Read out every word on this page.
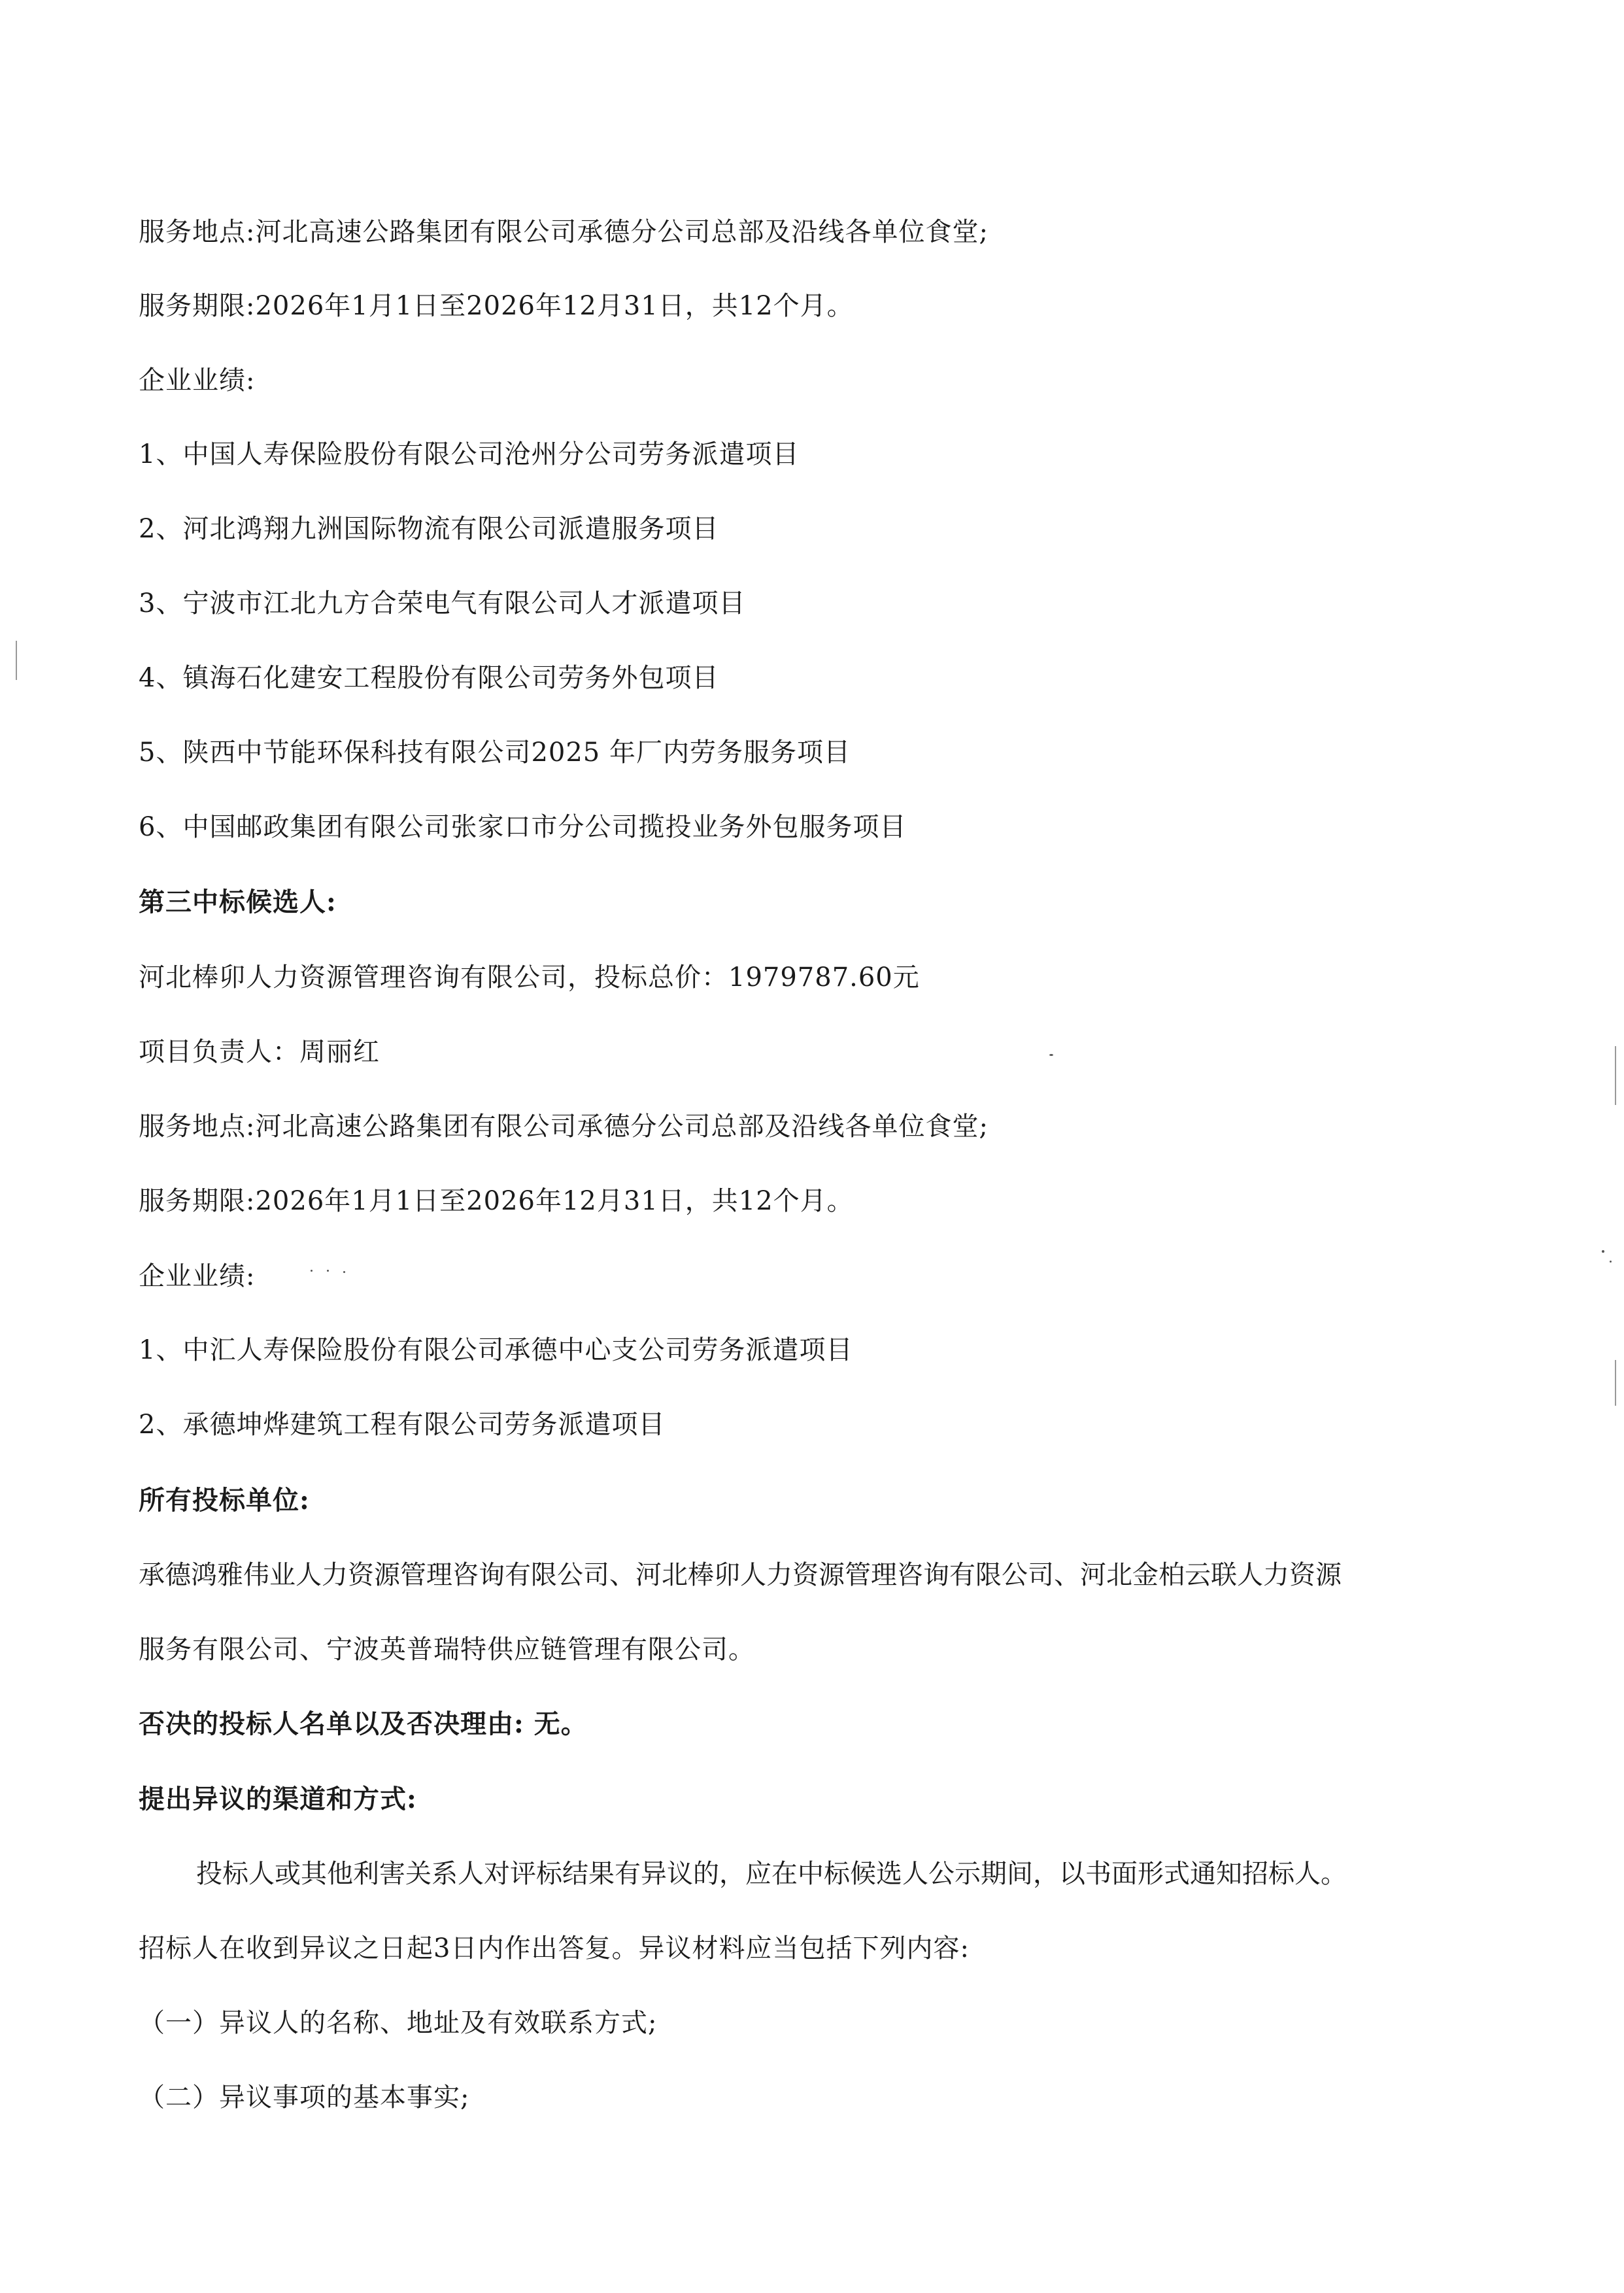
服务地点:河北高速公路集团有限公司承德分公司总部及沿线各单位食堂;
服务期限:2026年1月1日至2026年12月31日，共12个月。
企业业绩:
1、中国人寿保险股份有限公司沧州分公司劳务派遣项目
2、河北鸿翔九洲国际物流有限公司派遣服务项目
3、宁波市江北九方合荣电气有限公司人才派遣项目
4、镇海石化建安工程股份有限公司劳务外包项目
5、陕西中节能环保科技有限公司2025 年厂内劳务服务项目
6、中国邮政集团有限公司张家口市分公司揽投业务外包服务项目
第三中标候选人:
河北棒卯人力资源管理咨询有限公司，投标总价：1979787.60元
项目负责人：周丽红
服务地点:河北高速公路集团有限公司承德分公司总部及沿线各单位食堂;
服务期限:2026年1月1日至2026年12月31日，共12个月。
企业业绩:
1、中汇人寿保险股份有限公司承德中心支公司劳务派遣项目
2、承德坤烨建筑工程有限公司劳务派遣项目
所有投标单位:
承德鸿雅伟业人力资源管理咨询有限公司、河北棒卯人力资源管理咨询有限公司、河北金柏云联人力资源
服务有限公司、宁波英普瑞特供应链管理有限公司。
否决的投标人名单以及否决理由: 无。
提出异议的渠道和方式:
投标人或其他利害关系人对评标结果有异议的，应在中标候选人公示期间，以书面形式通知招标人。
招标人在收到异议之日起3日内作出答复。异议材料应当包括下列内容:
（一）异议人的名称、地址及有效联系方式;
（二）异议事项的基本事实;
